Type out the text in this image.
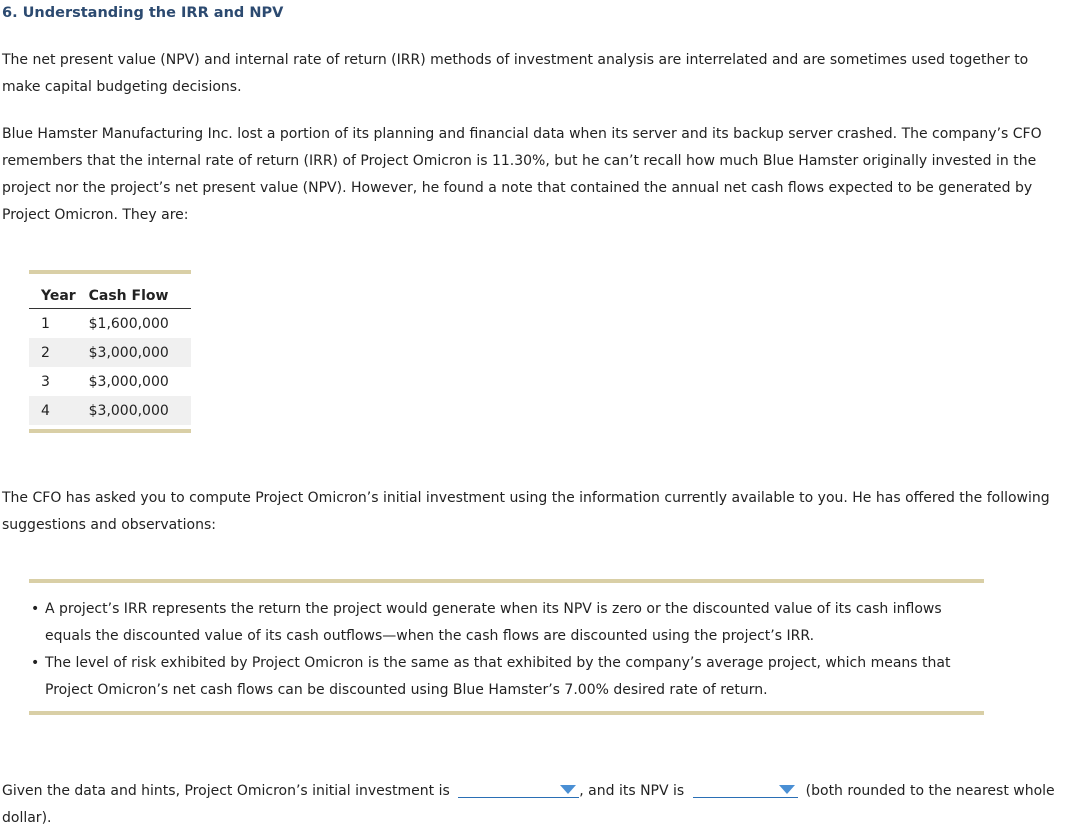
6. Understanding the IRR and NPV

The net present value (NPV) and internal rate of return (IRR) methods of investment analysis are interrelated and are sometimes used together to make capital budgeting decisions.

Blue Hamster Manufacturing Inc. lost a portion of its planning and financial data when its server and its backup server crashed. The company’s CFO remembers that the internal rate of return (IRR) of Project Omicron is 11.30%, but he can’t recall how much Blue Hamster originally invested in the project nor the project’s net present value (NPV). However, he found a note that contained the annual net cash flows expected to be generated by Project Omicron. They are:

Year	Cash Flow
1	$1,600,000
2	$3,000,000
3	$3,000,000
4	$3,000,000

The CFO has asked you to compute Project Omicron’s initial investment using the information currently available to you. He has offered the following suggestions and observations:

• A project’s IRR represents the return the project would generate when its NPV is zero or the discounted value of its cash inflows equals the discounted value of its cash outflows—when the cash flows are discounted using the project’s IRR.
• The level of risk exhibited by Project Omicron is the same as that exhibited by the company’s average project, which means that Project Omicron’s net cash flows can be discounted using Blue Hamster’s 7.00% desired rate of return.

Given the data and hints, Project Omicron’s initial investment is	, and its NPV is	(both rounded to the nearest whole dollar).
